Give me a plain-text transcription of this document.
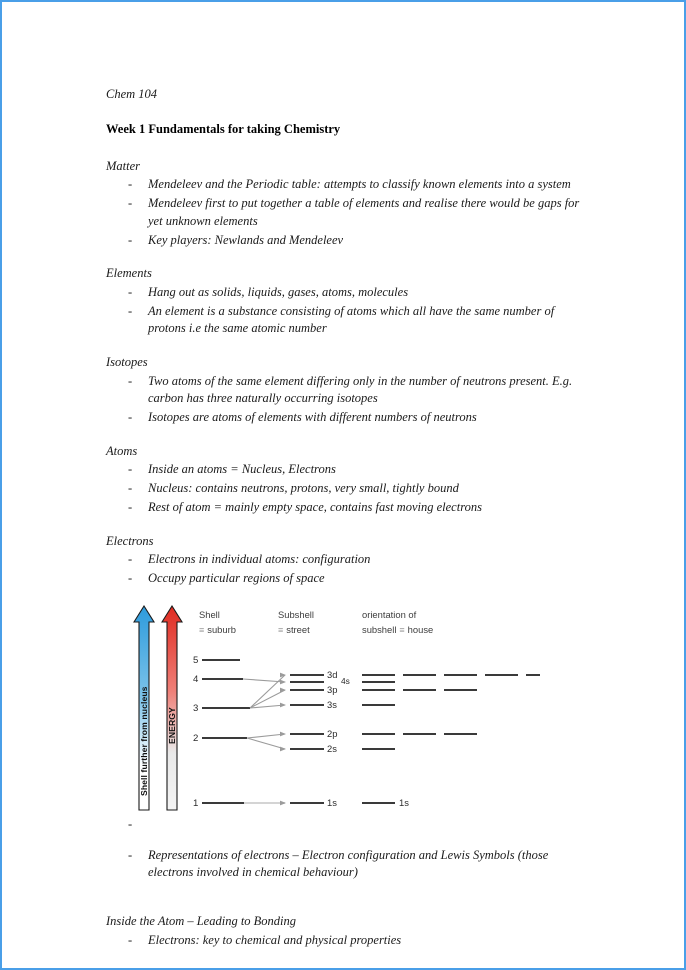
Chem 104

Week 1 Fundamentals for taking Chemistry

Matter

- Mendeleev and the Periodic table: attempts to classify known elements into a system
- Mendeleev first to put together a table of elements and realise there would be gaps for yet unknown elements
- Key players: Newlands and Mendeleev

Elements

- Hang out as solids, liquids, gases, atoms, molecules
- An element is a substance consisting of atoms which all have the same number of protons i.e the same atomic number

Isotopes

- Two atoms of the same element differing only in the number of neutrons present. E.g. carbon has three naturally occurring isotopes
- Isotopes are atoms of elements with different numbers of neutrons

Atoms

- Inside an atoms = Nucleus, Electrons
- Nucleus: contains neutrons, protons, very small, tightly bound
- Rest of atom = mainly empty space, contains fast moving electrons

Electrons

- Electrons in individual atoms: configuration
- Occupy particular regions of space
Shell further from nucleus ENERGY
Shell
≡ suburb
Subshell
≡ street
orientation of
subshell ≡ house
5
4
3
2
1
3d
4s
3p
3s
2p
2s
1s	1s
-
- Representations of electrons – Electron configuration and Lewis Symbols (those electrons involved in chemical behaviour)

Inside the Atom – Leading to Bonding

- Electrons: key to chemical and physical properties
